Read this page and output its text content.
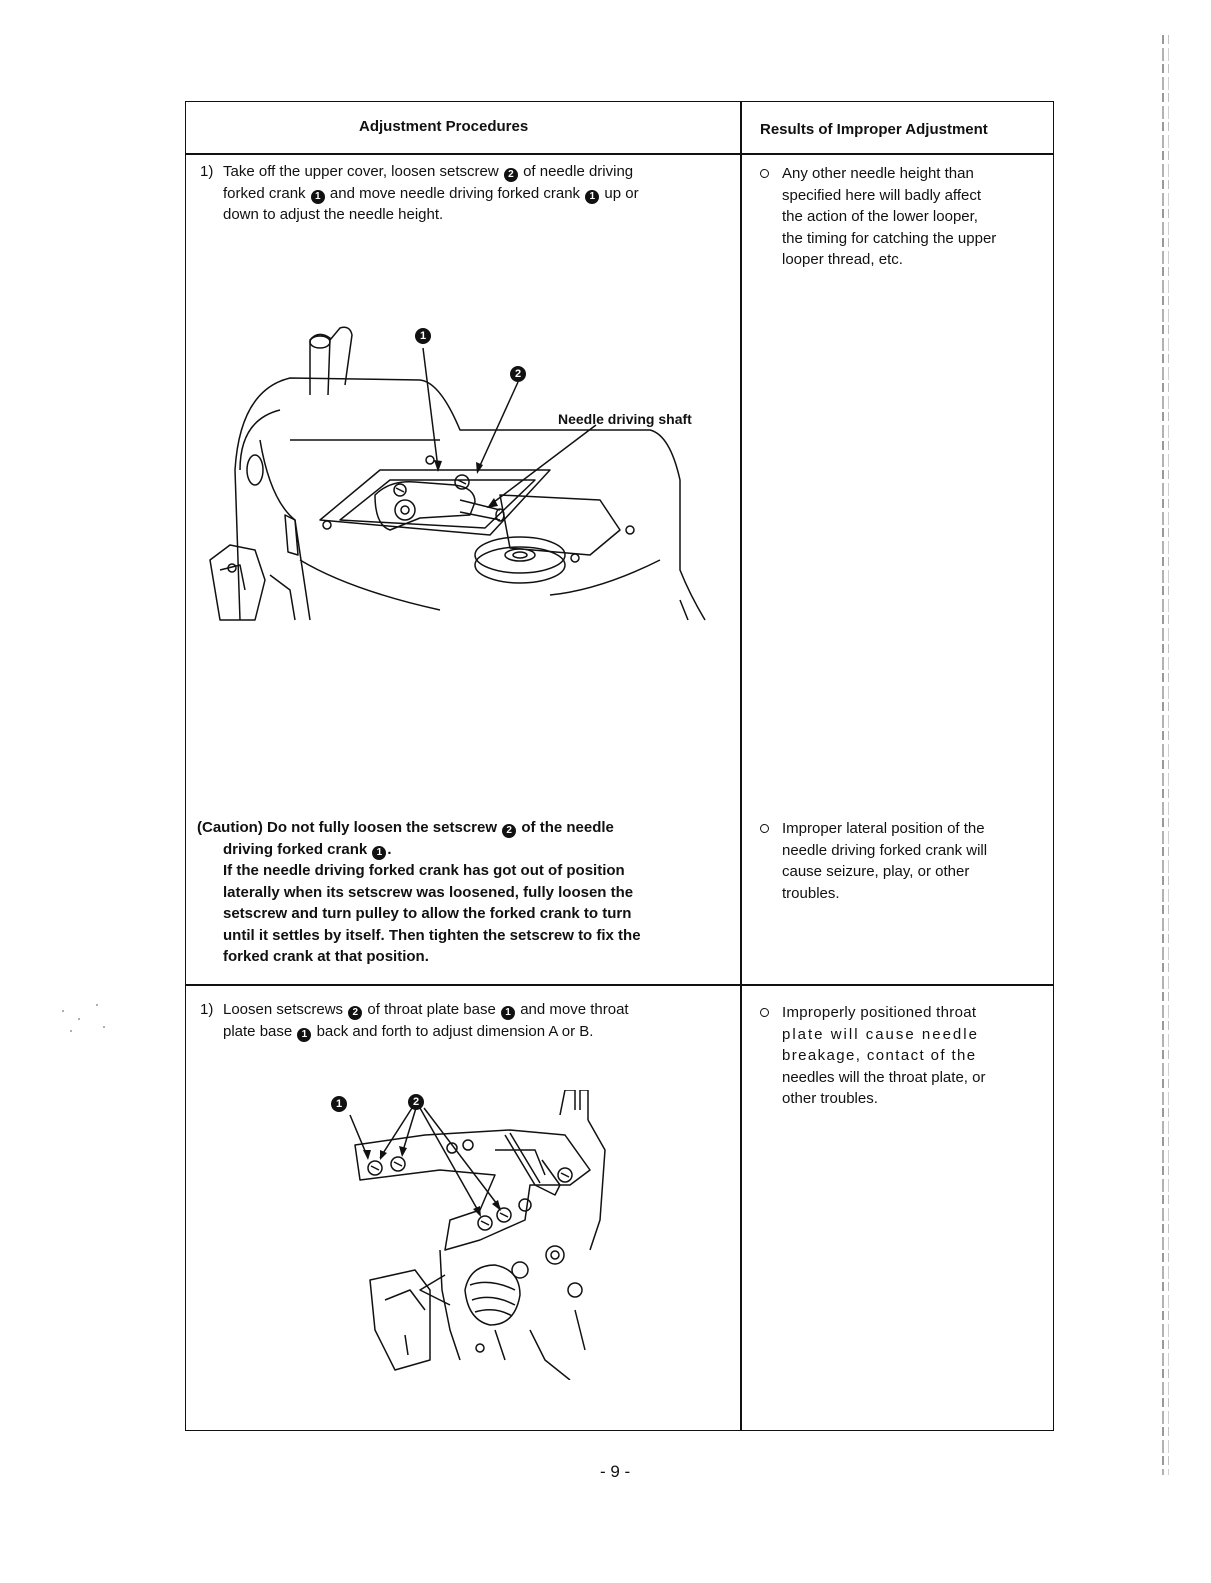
Adjustment Procedures	Results of Improper Adjustment
1) Take off the upper cover, loosen setscrew 2 of needle driving
forked crank 1 and move needle driving forked crank 1 up or
down to adjust the needle height.
Any other needle height than
specified here will badly affect
the action of the lower looper,
the timing for catching the upper
looper thread, etc.
1
2
Needle driving shaft
(Caution) Do not fully loosen the setscrew 2 of the needle
driving forked crank 1 .
If the needle driving forked crank has got out of position
laterally when its setscrew was loosened, fully loosen the
setscrew and turn pulley to allow the forked crank to turn
until it settles by itself. Then tighten the setscrew to fix the
forked crank at that position.
Improper lateral position of the
needle driving forked crank will
cause seizure, play, or other
troubles.
1) Loosen setscrews 2 of throat plate base 1 and move throat
plate base 1 back and forth to adjust dimension A or B.
Improperly positioned throat
plate will cause needle
breakage, contact of the
needles will the throat plate, or
other troubles.
1	2
- 9 -
